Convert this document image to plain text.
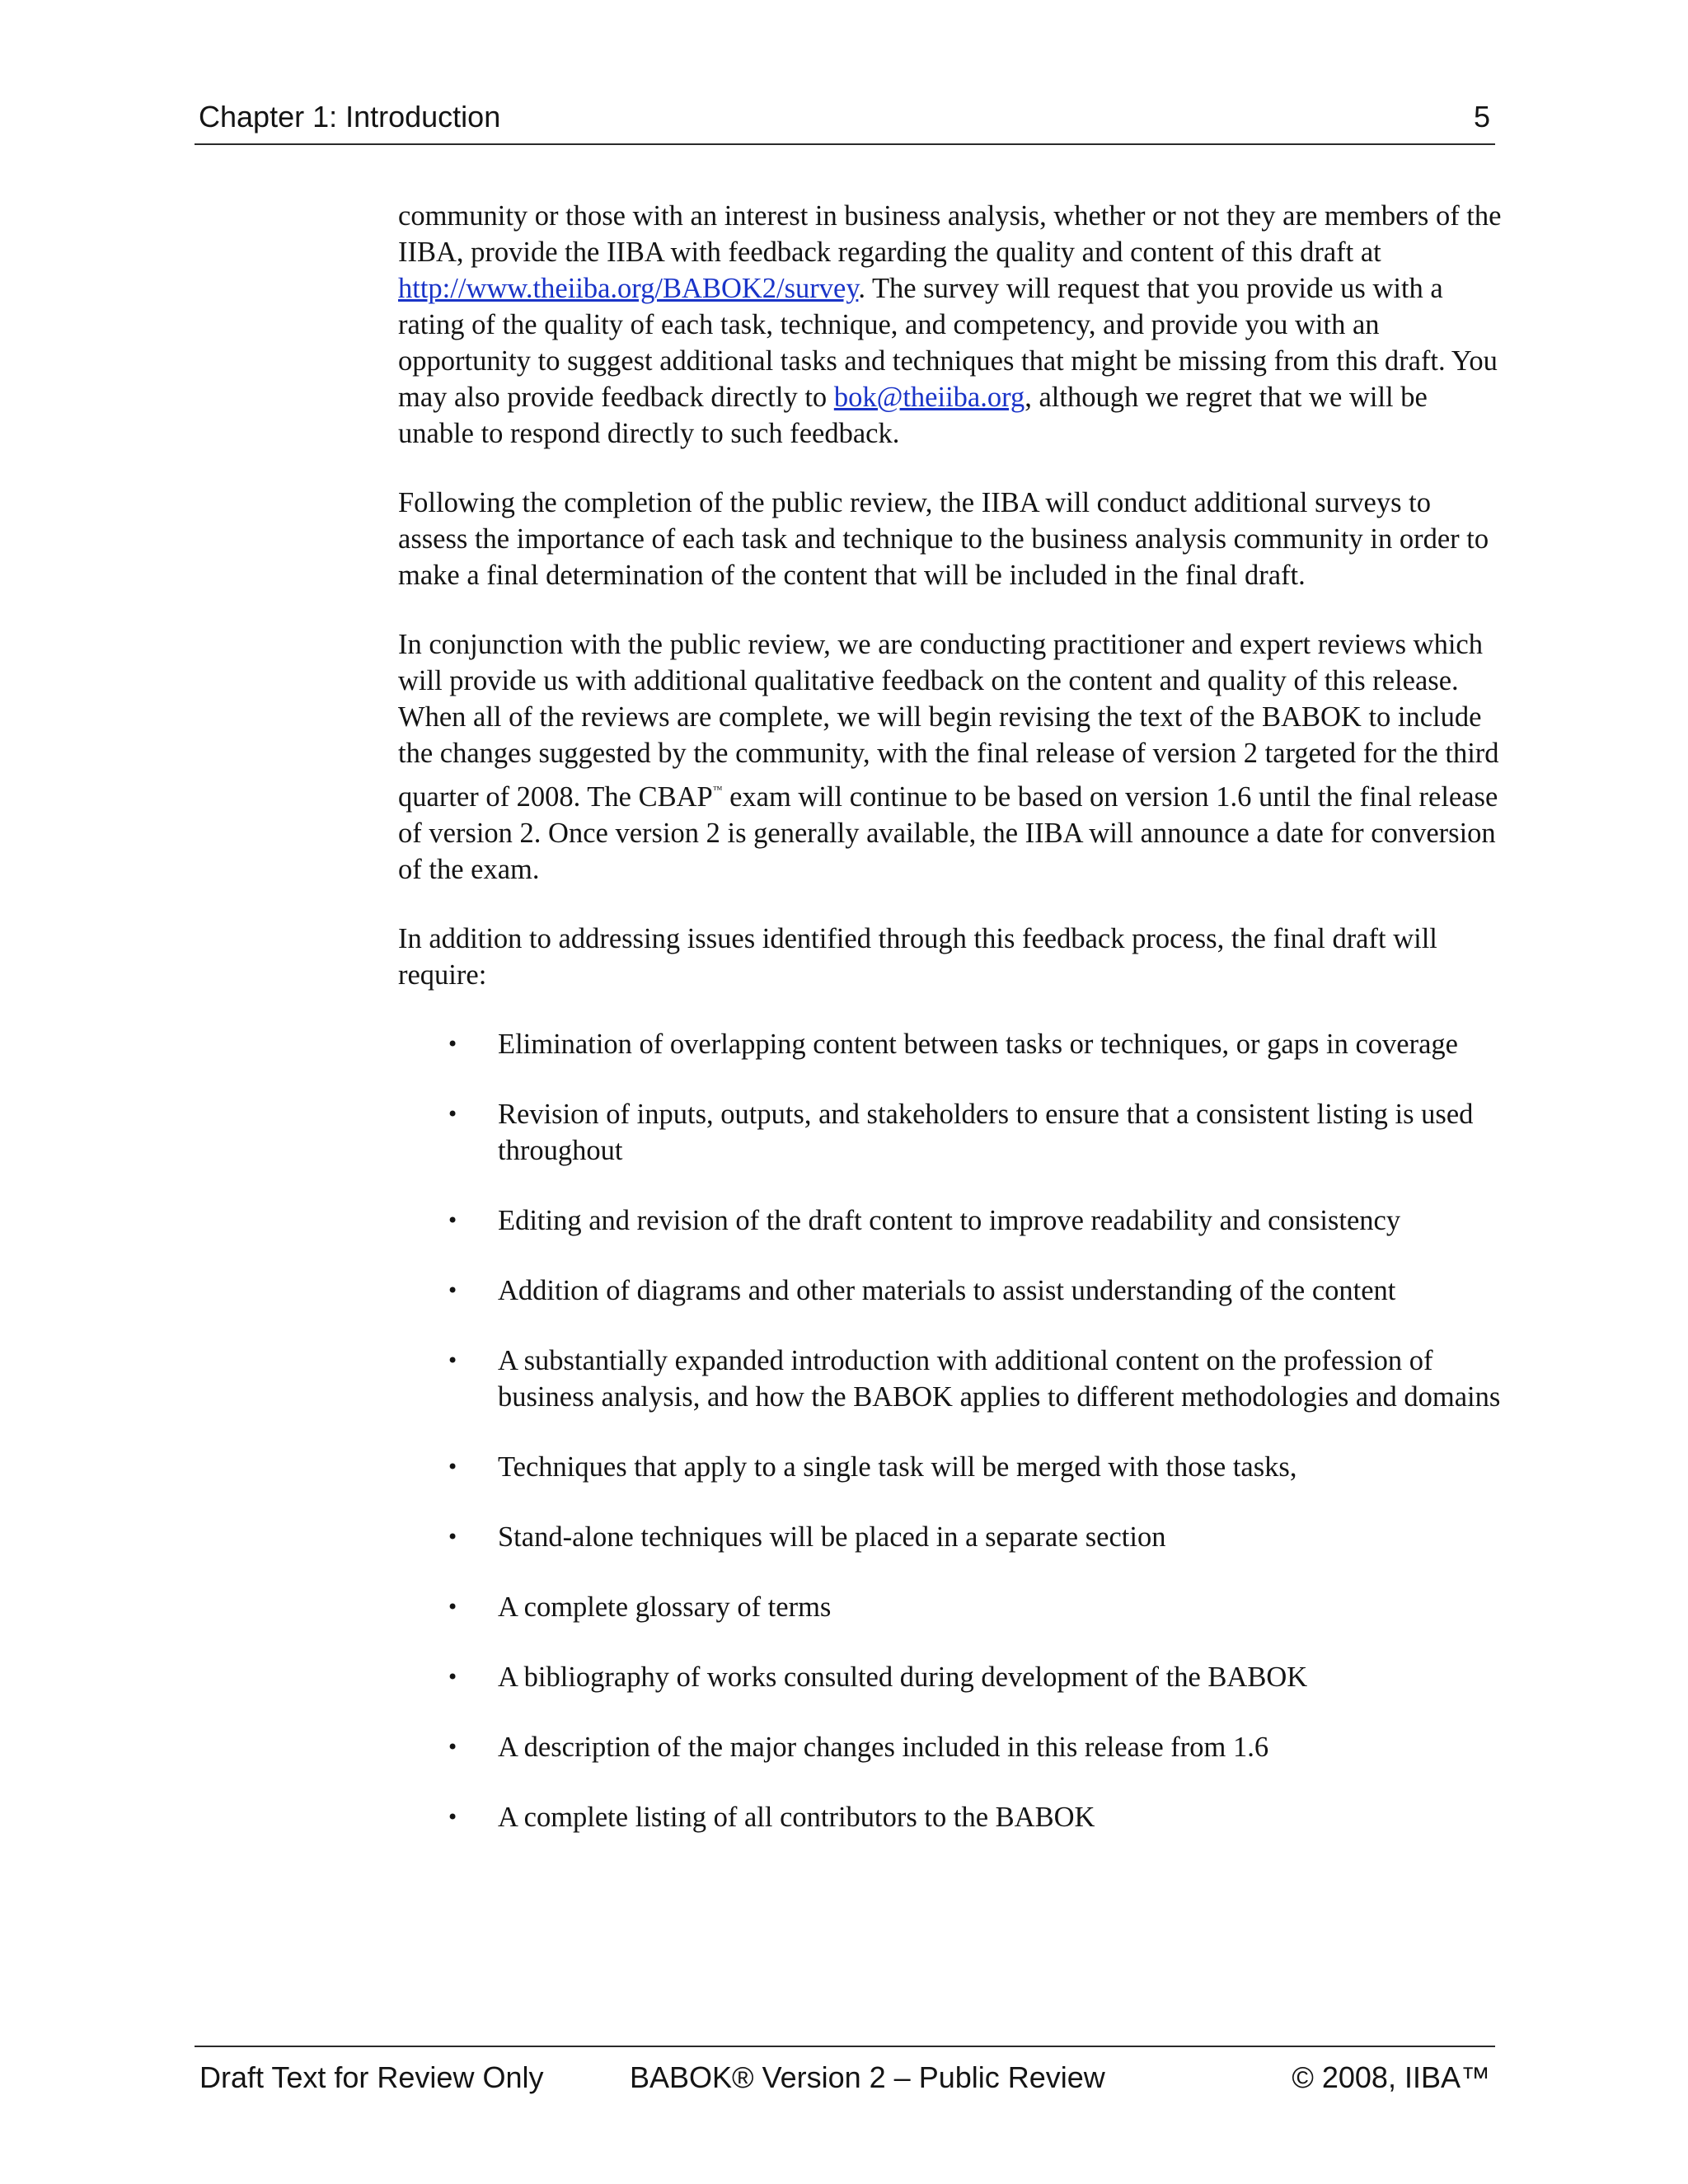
Chapter 1: Introduction	5

community or those with an interest in business analysis, whether or not they are members of the IIBA, provide the IIBA with feedback regarding the quality and content of this draft at http://www.theiiba.org/BABOK2/survey. The survey will request that you provide us with a rating of the quality of each task, technique, and competency, and provide you with an opportunity to suggest additional tasks and techniques that might be missing from this draft. You may also provide feedback directly to bok@theiiba.org, although we regret that we will be unable to respond directly to such feedback.

Following the completion of the public review, the IIBA will conduct additional surveys to assess the importance of each task and technique to the business analysis community in order to make a final determination of the content that will be included in the final draft.

In conjunction with the public review, we are conducting practitioner and expert reviews which will provide us with additional qualitative feedback on the content and quality of this release. When all of the reviews are complete, we will begin revising the text of the BABOK to include the changes suggested by the community, with the final release of version 2 targeted for the third quarter of 2008. The CBAP™ exam will continue to be based on version 1.6 until the final release of version 2. Once version 2 is generally available, the IIBA will announce a date for conversion of the exam.

In addition to addressing issues identified through this feedback process, the final draft will require:

• Elimination of overlapping content between tasks or techniques, or gaps in coverage
• Revision of inputs, outputs, and stakeholders to ensure that a consistent listing is used throughout
• Editing and revision of the draft content to improve readability and consistency
• Addition of diagrams and other materials to assist understanding of the content
• A substantially expanded introduction with additional content on the profession of business analysis, and how the BABOK applies to different methodologies and domains
• Techniques that apply to a single task will be merged with those tasks,
• Stand-alone techniques will be placed in a separate section
• A complete glossary of terms
• A bibliography of works consulted during development of the BABOK
• A description of the major changes included in this release from 1.6
• A complete listing of all contributors to the BABOK
Draft Text for Review Only	BABOK® Version 2 – Public Review	© 2008, IIBA™
